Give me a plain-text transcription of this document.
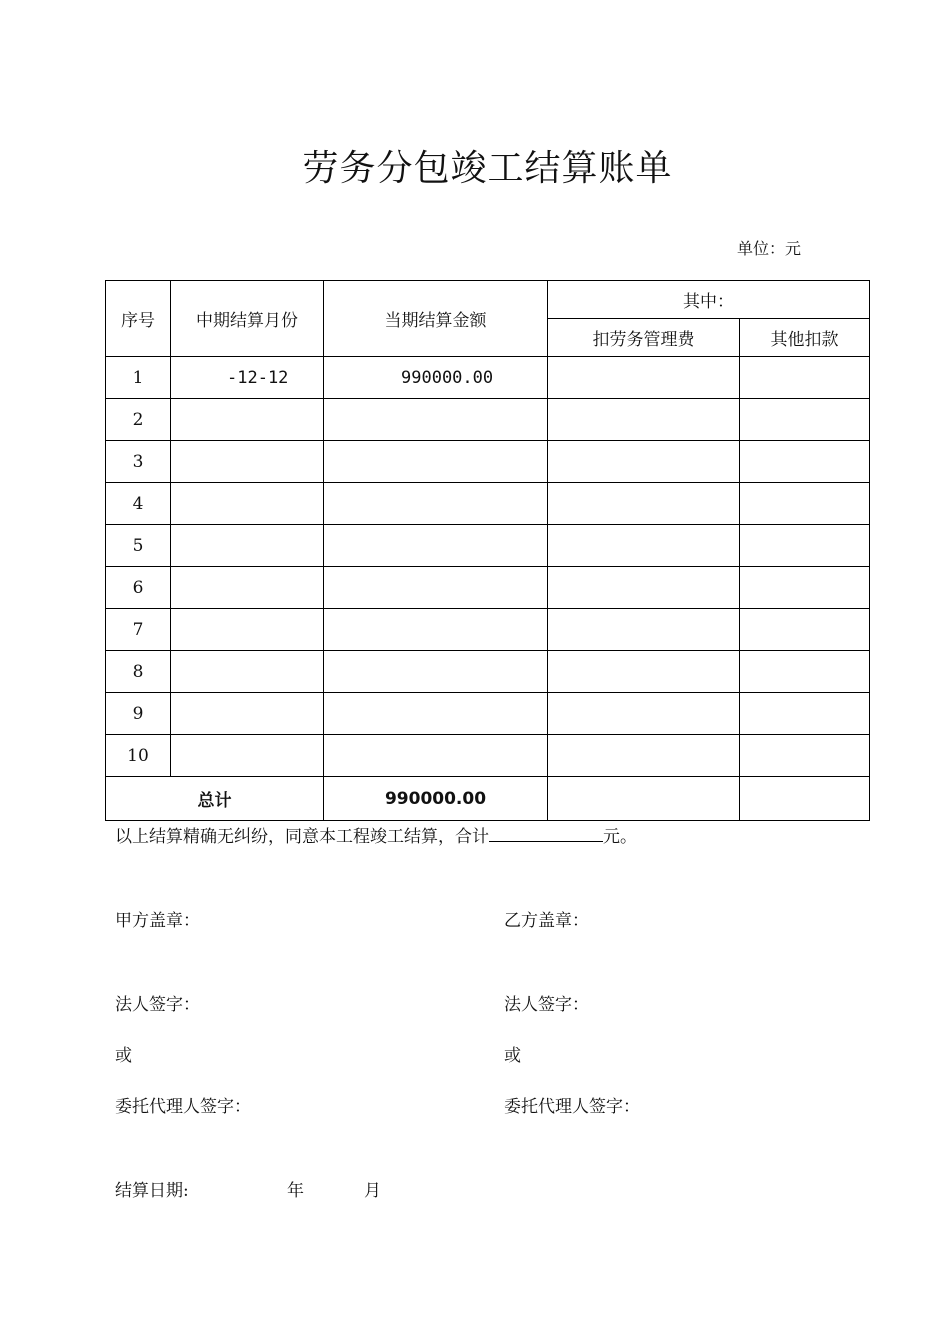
劳务分包竣工结算账单
单位：元
序号	中期结算月份	当期结算金额	其中：	
			扣劳务管理费	其他扣款
1	-12-12	990000.00		
2				
3				
4				
5				
6				
7				
8				
9				
10				
总计		990000.00		
以上结算精确无纠纷，同意本工程竣工结算，合计	元。
甲方盖章：	乙方盖章：
法人签字：	法人签字：
或	或
委托代理人签字：	委托代理人签字：
结算日期:	年	月
